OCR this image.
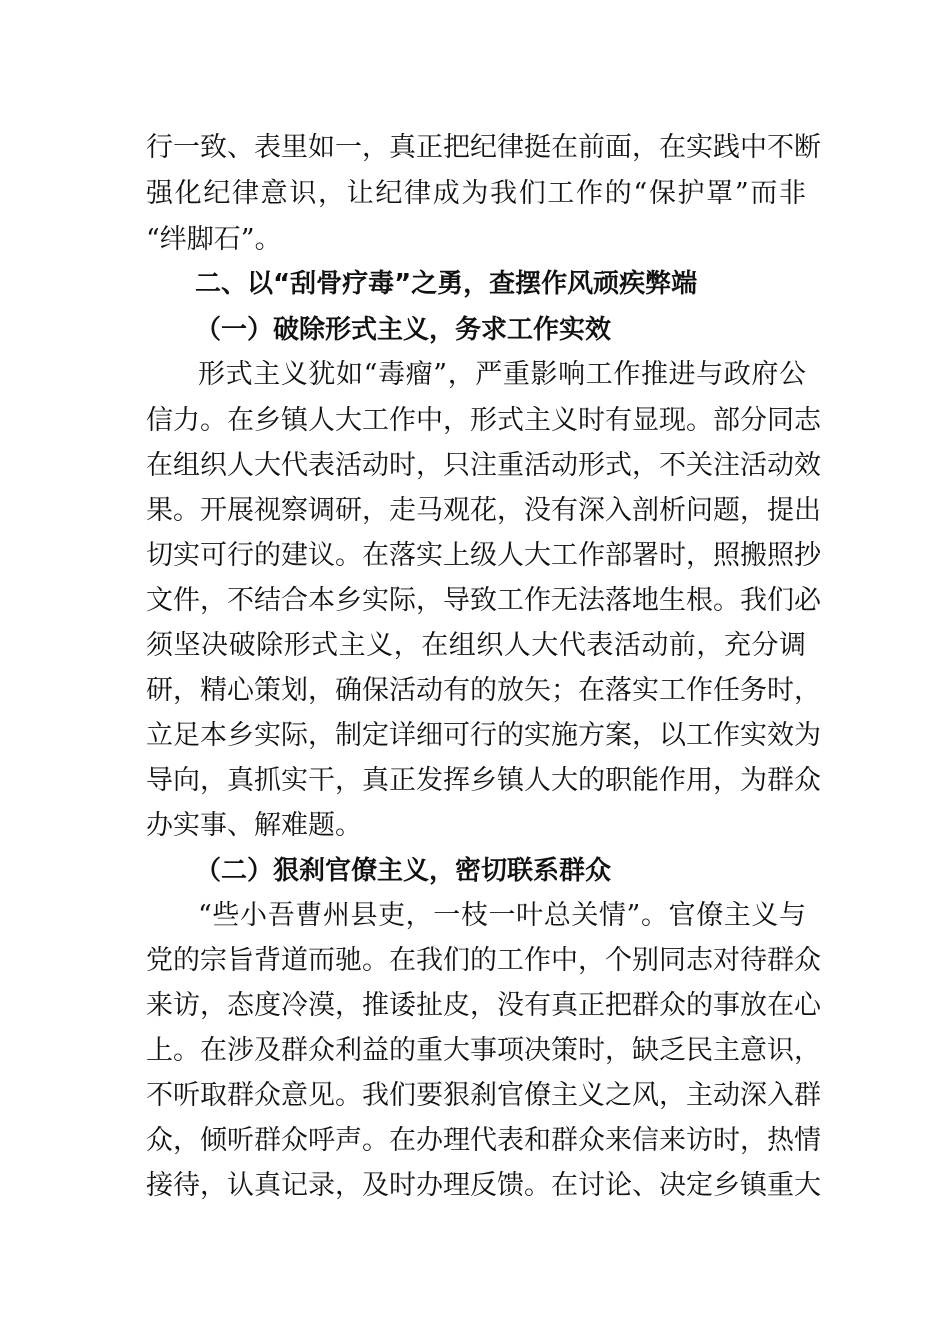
行一致、表里如一，真正把纪律挺在前面，在实践中不断
强化纪律意识，让纪律成为我们工作的“保护罩”而非
“绊脚石”。
二、以“刮骨疗毒”之勇，查摆作风顽疾弊端
（一）破除形式主义，务求工作实效
形式主义犹如“毒瘤”，严重影响工作推进与政府公
信力。在乡镇人大工作中，形式主义时有显现。部分同志
在组织人大代表活动时，只注重活动形式，不关注活动效
果。开展视察调研，走马观花，没有深入剖析问题，提出
切实可行的建议。在落实上级人大工作部署时，照搬照抄
文件，不结合本乡实际，导致工作无法落地生根。我们必
须坚决破除形式主义，在组织人大代表活动前，充分调
研，精心策划，确保活动有的放矢；在落实工作任务时，
立足本乡实际，制定详细可行的实施方案，以工作实效为
导向，真抓实干，真正发挥乡镇人大的职能作用，为群众
办实事、解难题。
（二）狠刹官僚主义，密切联系群众
“些小吾曹州县吏，一枝一叶总关情”。官僚主义与
党的宗旨背道而驰。在我们的工作中，个别同志对待群众
来访，态度冷漠，推诿扯皮，没有真正把群众的事放在心
上。在涉及群众利益的重大事项决策时，缺乏民主意识，
不听取群众意见。我们要狠刹官僚主义之风，主动深入群
众，倾听群众呼声。在办理代表和群众来信来访时，热情
接待，认真记录，及时办理反馈。在讨论、决定乡镇重大
